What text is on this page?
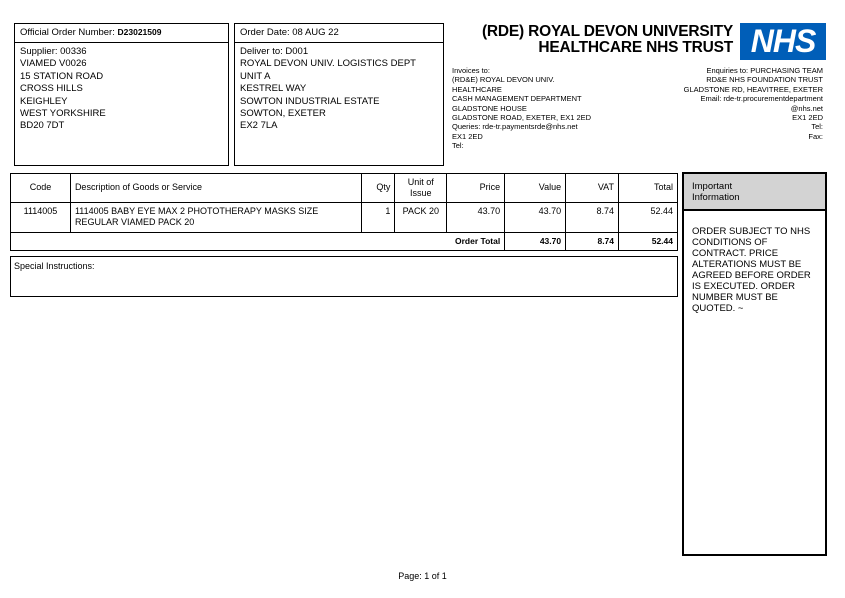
Official Order Number: D23021509
Supplier: 00336
VIAMED V0026
15 STATION ROAD
CROSS HILLS
KEIGHLEY
WEST YORKSHIRE
BD20 7DT
Order Date: 08 AUG 22
Deliver to: D001
ROYAL DEVON UNIV. LOGISTICS DEPT
UNIT A
KESTREL WAY
SOWTON INDUSTRIAL ESTATE
SOWTON, EXETER
EX2 7LA
(RDE) ROYAL DEVON UNIVERSITY
HEALTHCARE NHS TRUST NHS
Invoices to:
(RD&E) ROYAL DEVON UNIV.
HEALTHCARE
CASH MANAGEMENT DEPARTMENT
GLADSTONE HOUSE
GLADSTONE ROAD, EXETER, EX1 2ED
Queries: rde-tr.paymentsrde@nhs.net
EX1 2ED
Tel:
Enquiries to: PURCHASING TEAM
RD&E NHS FOUNDATION TRUST
GLADSTONE RD, HEAVITREE, EXETER
Email: rde-tr.procurementdepartment
@nhs.net
EX1 2ED
Tel:
Fax:
Code	Description of Goods or Service	Qty	Unit of
Issue	Price	Value	VAT	Total
1114005	1114005 BABY EYE MAX 2 PHOTOTHERAPY MASKS SIZE
REGULAR VIAMED PACK 20	1	PACK 20	43.70	43.70	8.74	52.44
Order Total					43.70	8.74	52.44
Special Instructions:
Important
Information
ORDER SUBJECT TO NHS CONDITIONS OF CONTRACT. PRICE ALTERATIONS MUST BE AGREED BEFORE ORDER IS EXECUTED. ORDER NUMBER MUST BE QUOTED. ~
Page: 1 of 1
